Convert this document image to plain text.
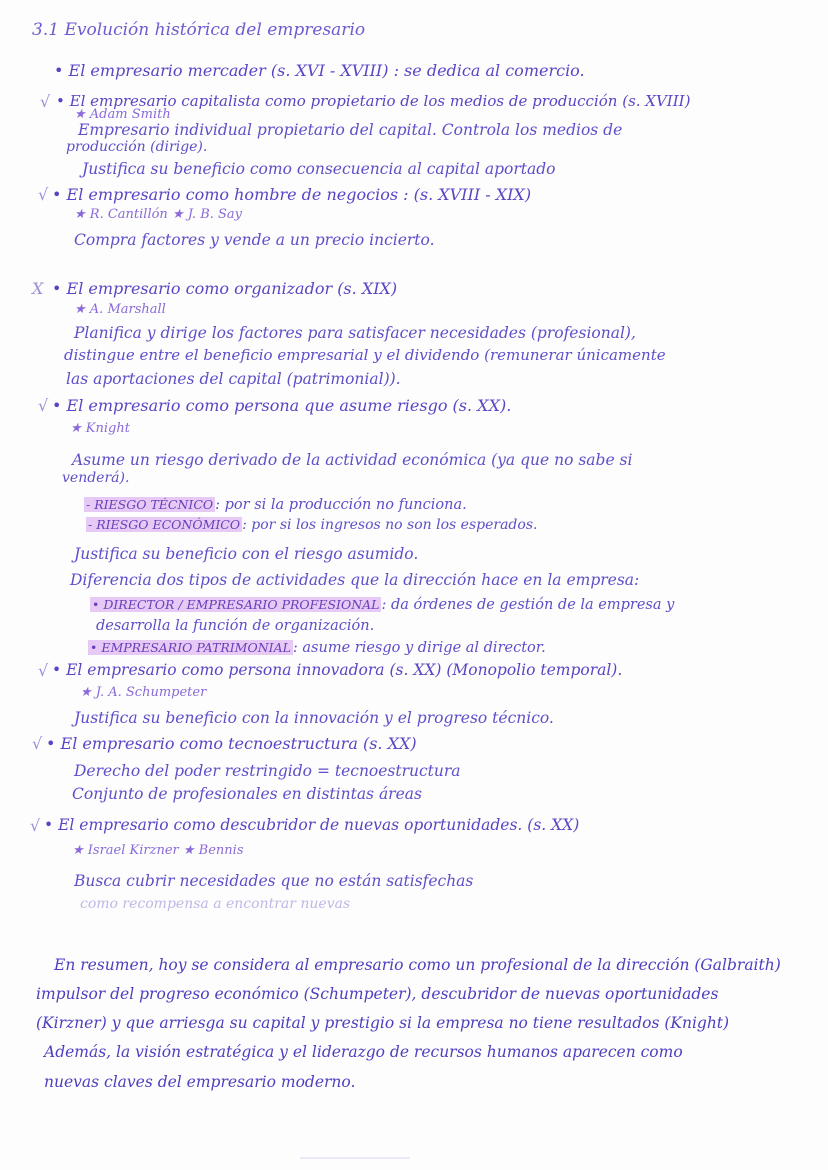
3.1 Evolución histórica del empresario
• El empresario mercader (s. XVI - XVIII) : se dedica al comercio.
√ • El empresario capitalista como propietario de los medios de producción (s. XVIII)
★ Adam Smith
Empresario individual propietario del capital. Controla los medios de
producción (dirige).
Justifica su beneficio como consecuencia al capital aportado
√ • El empresario como hombre de negocios : (s. XVIII - XIX)
★ R. Cantillón ★ J. B. Say
Compra factores y vende a un precio incierto.
X • El empresario como organizador (s. XIX)
★ A. Marshall
Planifica y dirige los factores para satisfacer necesidades (profesional),
distingue entre el beneficio empresarial y el dividendo (remunerar únicamente
las aportaciones del capital (patrimonial)).
√ • El empresario como persona que asume riesgo (s. XX).
★ Knight
Asume un riesgo derivado de la actividad económica (ya que no sabe si
venderá).
- RIESGO TÉCNICO : por si la producción no funciona.
- RIESGO ECONÓMICO : por si los ingresos no son los esperados.
Justifica su beneficio con el riesgo asumido.
Diferencia dos tipos de actividades que la dirección hace en la empresa:
• DIRECTOR / EMPRESARIO PROFESIONAL : da órdenes de gestión de la empresa y
desarrolla la función de organización.
• EMPRESARIO PATRIMONIAL : asume riesgo y dirige al director.
√ • El empresario como persona innovadora (s. XX) (Monopolio temporal).
★ J. A. Schumpeter
Justifica su beneficio con la innovación y el progreso técnico.
√ • El empresario como tecnoestructura (s. XX)
Derecho del poder restringido = tecnoestructura
Conjunto de profesionales en distintas áreas
√ • El empresario como descubridor de nuevas oportunidades. (s. XX)
★ Israel Kirzner ★ Bennis
Busca cubrir necesidades que no están satisfechas
como recompensa a encontrar nuevas
En resumen, hoy se considera al empresario como un profesional de la dirección (Galbraith)
impulsor del progreso económico (Schumpeter), descubridor de nuevas oportunidades
(Kirzner) y que arriesga su capital y prestigio si la empresa no tiene resultados (Knight)
Además, la visión estratégica y el liderazgo de recursos humanos aparecen como
nuevas claves del empresario moderno.
